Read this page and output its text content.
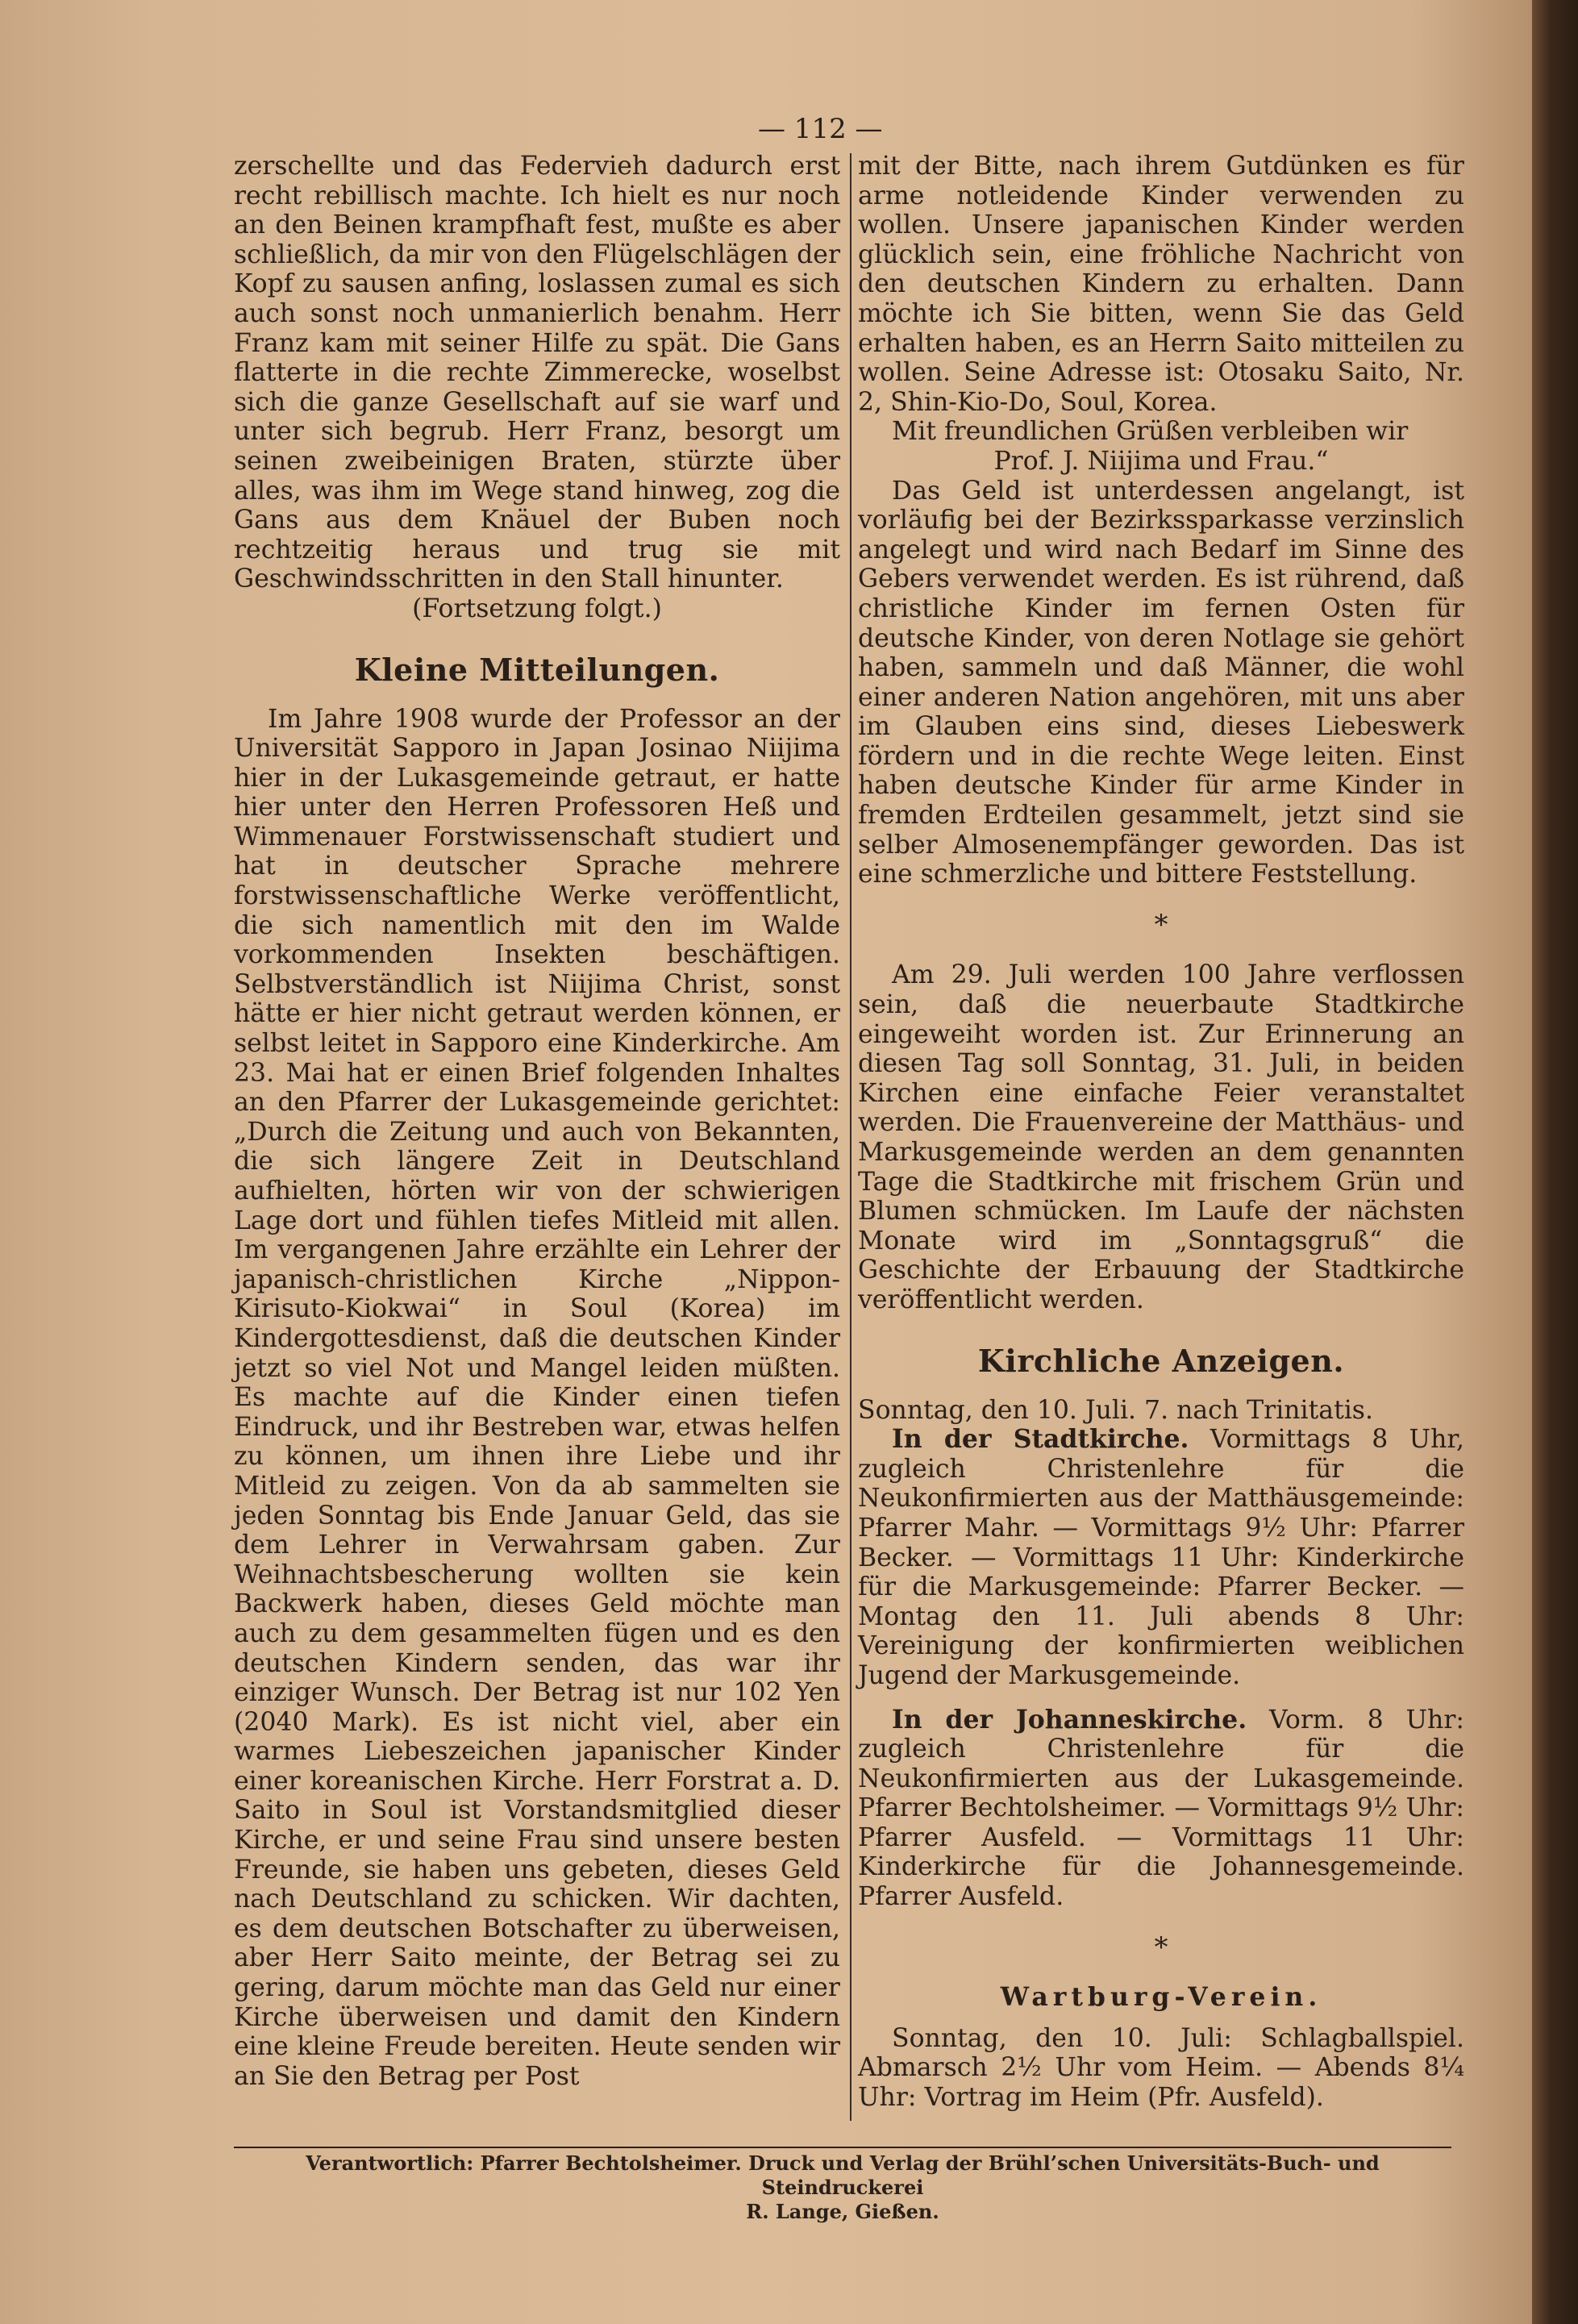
— 112 —

zerschellte und das Federvieh dadurch erst recht rebillisch machte. Ich hielt es nur noch an den Beinen krampfhaft fest, mußte es aber schließlich, da mir von den Flügelschlägen der Kopf zu sausen anfing, loslassen zumal es sich auch sonst noch unmanierlich benahm. Herr Franz kam mit seiner Hilfe zu spät. Die Gans flatterte in die rechte Zimmerecke, woselbst sich die ganze Gesellschaft auf sie warf und unter sich begrub. Herr Franz, besorgt um seinen zweibeinigen Braten, stürzte über alles, was ihm im Wege stand hinweg, zog die Gans aus dem Knäuel der Buben noch rechtzeitig heraus und trug sie mit Geschwindsschritten in den Stall hinunter.

(Fortsetzung folgt.)

Kleine Mitteilungen.

Im Jahre 1908 wurde der Professor an der Universität Sapporo in Japan Josinao Niijima hier in der Lukasgemeinde getraut, er hatte hier unter den Herren Professoren Heß und Wimmenauer Forstwissenschaft studiert und hat in deutscher Sprache mehrere forstwissenschaftliche Werke veröffentlicht, die sich namentlich mit den im Walde vorkommenden Insekten beschäftigen. Selbstverständlich ist Niijima Christ, sonst hätte er hier nicht getraut werden können, er selbst leitet in Sapporo eine Kinderkirche. Am 23. Mai hat er einen Brief folgenden Inhaltes an den Pfarrer der Lukasgemeinde gerichtet: „Durch die Zeitung und auch von Bekannten, die sich längere Zeit in Deutschland aufhielten, hörten wir von der schwierigen Lage dort und fühlen tiefes Mitleid mit allen. Im vergangenen Jahre erzählte ein Lehrer der japanisch-christlichen Kirche „Nippon-Kirisuto-Kiokwai“ in Soul (Korea) im Kindergottesdienst, daß die deutschen Kinder jetzt so viel Not und Mangel leiden müßten. Es machte auf die Kinder einen tiefen Eindruck, und ihr Bestreben war, etwas helfen zu können, um ihnen ihre Liebe und ihr Mitleid zu zeigen. Von da ab sammelten sie jeden Sonntag bis Ende Januar Geld, das sie dem Lehrer in Verwahrsam gaben. Zur Weihnachtsbescherung wollten sie kein Backwerk haben, dieses Geld möchte man auch zu dem gesammelten fügen und es den deutschen Kindern senden, das war ihr einziger Wunsch. Der Betrag ist nur 102 Yen (2040 Mark). Es ist nicht viel, aber ein warmes Liebeszeichen japanischer Kinder einer koreanischen Kirche. Herr Forstrat a. D. Saito in Soul ist Vorstandsmitglied dieser Kirche, er und seine Frau sind unsere besten Freunde, sie haben uns gebeten, dieses Geld nach Deutschland zu schicken. Wir dachten, es dem deutschen Botschafter zu überweisen, aber Herr Saito meinte, der Betrag sei zu gering, darum möchte man das Geld nur einer Kirche überweisen und damit den Kindern eine kleine Freude bereiten. Heute senden wir an Sie den Betrag per Post

mit der Bitte, nach ihrem Gutdünken es für arme notleidende Kinder verwenden zu wollen. Unsere japanischen Kinder werden glücklich sein, eine fröhliche Nachricht von den deutschen Kindern zu erhalten. Dann möchte ich Sie bitten, wenn Sie das Geld erhalten haben, es an Herrn Saito mitteilen zu wollen. Seine Adresse ist: Otosaku Saito, Nr. 2, Shin-Kio-Do, Soul, Korea.

Mit freundlichen Grüßen verbleiben wir

Prof. J. Niijima und Frau.“

Das Geld ist unterdessen angelangt, ist vorläufig bei der Bezirkssparkasse verzinslich angelegt und wird nach Bedarf im Sinne des Gebers verwendet werden. Es ist rührend, daß christliche Kinder im fernen Osten für deutsche Kinder, von deren Notlage sie gehört haben, sammeln und daß Männer, die wohl einer anderen Nation angehören, mit uns aber im Glauben eins sind, dieses Liebeswerk fördern und in die rechte Wege leiten. Einst haben deutsche Kinder für arme Kinder in fremden Erdteilen gesammelt, jetzt sind sie selber Almosenempfänger geworden. Das ist eine schmerzliche und bittere Feststellung.

*

Am 29. Juli werden 100 Jahre verflossen sein, daß die neuerbaute Stadtkirche eingeweiht worden ist. Zur Erinnerung an diesen Tag soll Sonntag, 31. Juli, in beiden Kirchen eine einfache Feier veranstaltet werden. Die Frauenvereine der Matthäus- und Markusgemeinde werden an dem genannten Tage die Stadtkirche mit frischem Grün und Blumen schmücken. Im Laufe der nächsten Monate wird im „Sonntagsgruß“ die Geschichte der Erbauung der Stadtkirche veröffentlicht werden.

Kirchliche Anzeigen.

Sonntag, den 10. Juli. 7. nach Trinitatis.

In der Stadtkirche. Vormittags 8 Uhr, zugleich Christenlehre für die Neukonfirmierten aus der Matthäusgemeinde: Pfarrer Mahr. — Vormittags 9½ Uhr: Pfarrer Becker. — Vormittags 11 Uhr: Kinderkirche für die Markusgemeinde: Pfarrer Becker. — Montag den 11. Juli abends 8 Uhr: Vereinigung der konfirmierten weiblichen Jugend der Markusgemeinde.

In der Johanneskirche. Vorm. 8 Uhr: zugleich Christenlehre für die Neukonfirmierten aus der Lukasgemeinde. Pfarrer Bechtolsheimer. — Vormittags 9½ Uhr: Pfarrer Ausfeld. — Vormittags 11 Uhr: Kinderkirche für die Johannesgemeinde. Pfarrer Ausfeld.

*
Wartburg-Verein.

Sonntag, den 10. Juli: Schlagballspiel. Abmarsch 2½ Uhr vom Heim. — Abends 8¼ Uhr: Vortrag im Heim (Pfr. Ausfeld).

Verantwortlich: Pfarrer Bechtolsheimer. Druck und Verlag der Brühl’schen Universitäts-Buch- und Steindruckerei
R. Lange, Gießen.
